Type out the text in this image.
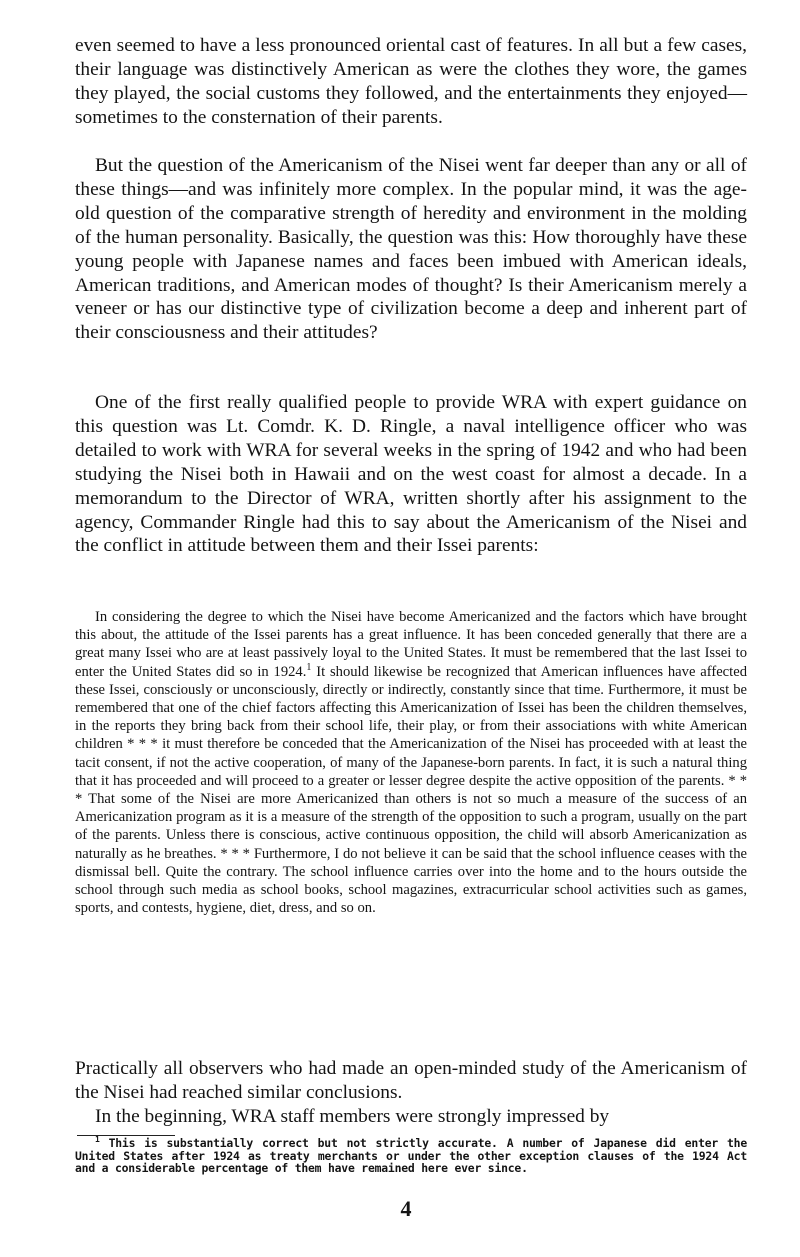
even seemed to have a less pronounced oriental cast of features. In all but a few cases, their language was distinctively American as were the clothes they wore, the games they played, the social customs they followed, and the entertainments they enjoyed—sometimes to the consternation of their parents.

But the question of the Americanism of the Nisei went far deeper than any or all of these things—and was infinitely more complex. In the popular mind, it was the age-old question of the comparative strength of heredity and environment in the molding of the human personality. Basically, the question was this: How thoroughly have these young people with Japanese names and faces been imbued with American ideals, American traditions, and American modes of thought? Is their Americanism merely a veneer or has our distinctive type of civilization become a deep and inherent part of their consciousness and their attitudes?

One of the first really qualified people to provide WRA with expert guidance on this question was Lt. Comdr. K. D. Ringle, a naval intelligence officer who was detailed to work with WRA for several weeks in the spring of 1942 and who had been studying the Nisei both in Hawaii and on the west coast for almost a decade. In a memorandum to the Director of WRA, written shortly after his assignment to the agency, Commander Ringle had this to say about the Americanism of the Nisei and the conflict in attitude between them and their Issei parents:

In considering the degree to which the Nisei have become Americanized and the factors which have brought this about, the attitude of the Issei parents has a great influence. It has been conceded generally that there are a great many Issei who are at least passively loyal to the United States. It must be remembered that the last Issei to enter the United States did so in 1924.$^1$ It should likewise be recognized that American influences have affected these Issei, consciously or unconsciously, directly or indirectly, constantly since that time. Furthermore, it must be remembered that one of the chief factors affecting this Americanization of Issei has been the children themselves, in the reports they bring back from their school life, their play, or from their associations with white American children * * * it must therefore be conceded that the Americanization of the Nisei has proceeded with at least the tacit consent, if not the active cooperation, of many of the Japanese-born parents. In fact, it is such a natural thing that it has proceeded and will proceed to a greater or lesser degree despite the active opposition of the parents. * * * That some of the Nisei are more Americanized than others is not so much a measure of the success of an Americanization program as it is a measure of the strength of the opposition to such a program, usually on the part of the parents. Unless there is conscious, active continuous opposition, the child will absorb Americanization as naturally as he breathes. * * * Furthermore, I do not believe it can be said that the school influence ceases with the dismissal bell. Quite the contrary. The school influence carries over into the home and to the hours outside the school through such media as school books, school magazines, extracurricular school activities such as games, sports, and contests, hygiene, diet, dress, and so on.

Practically all observers who had made an open-minded study of the Americanism of the Nisei had reached similar conclusions.

In the beginning, WRA staff members were strongly impressed by

$^1$ This is substantially correct but not strictly accurate. A number of Japanese did enter the United States after 1924 as treaty merchants or under the other exception clauses of the 1924 Act and a considerable percentage of them have remained here ever since.

4
